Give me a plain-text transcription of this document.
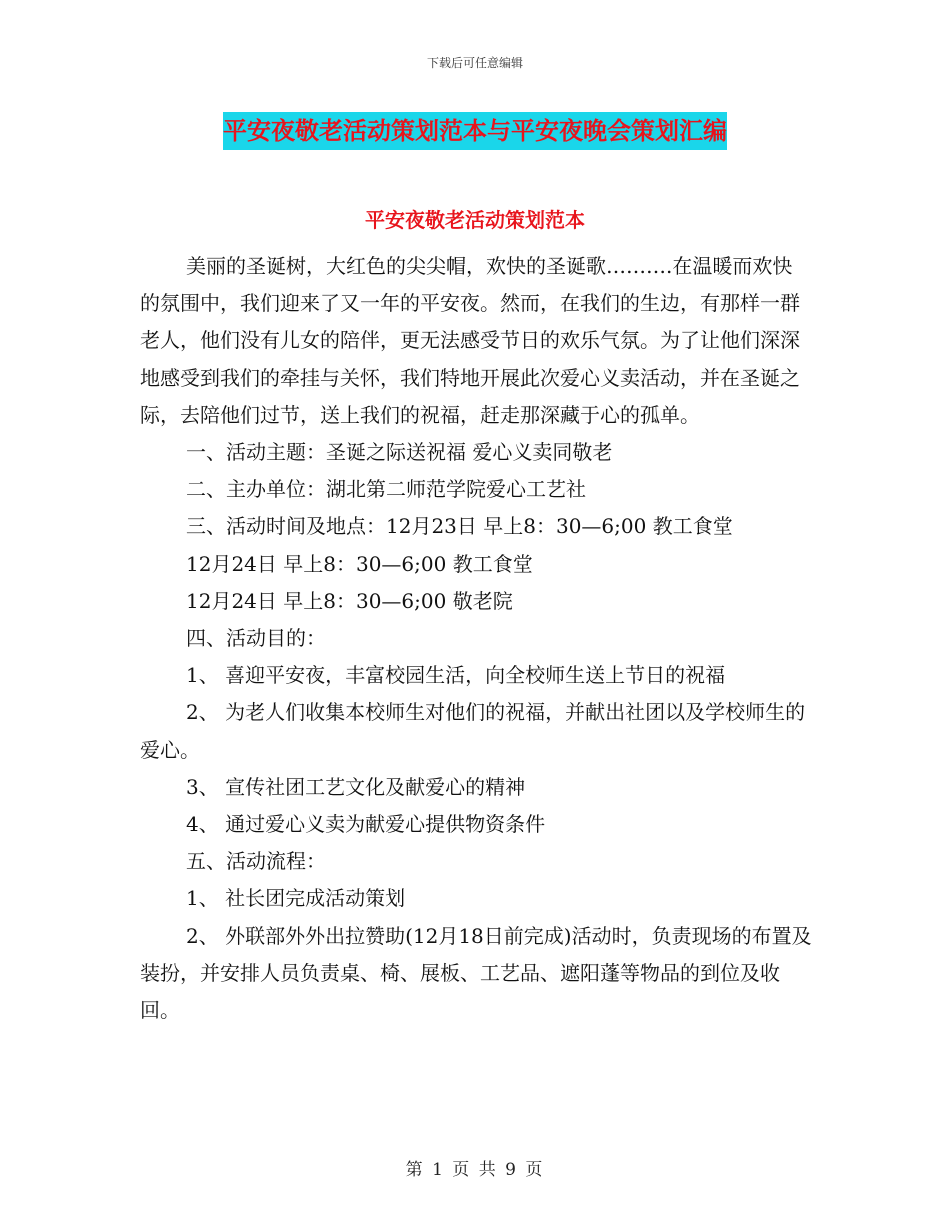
下载后可任意编辑
平安夜敬老活动策划范本与平安夜晚会策划汇编
平安夜敬老活动策划范本

美丽的圣诞树，大红色的尖尖帽，欢快的圣诞歌……….在温暖而欢快的氛围中，我们迎来了又一年的平安夜。然而，在我们的生边，有那样一群老人，他们没有儿女的陪伴，更无法感受节日的欢乐气氛。为了让他们深深地感受到我们的牵挂与关怀，我们特地开展此次爱心义卖活动，并在圣诞之际，去陪他们过节，送上我们的祝福，赶走那深藏于心的孤单。

一、活动主题：圣诞之际送祝福 爱心义卖同敬老

二、主办单位：湖北第二师范学院爱心工艺社

三、活动时间及地点：12月23日 早上8：30—6;00 教工食堂

12月24日 早上8：30—6;00 教工食堂

12月24日 早上8：30—6;00 敬老院

四、活动目的：

1、 喜迎平安夜，丰富校园生活，向全校师生送上节日的祝福

2、 为老人们收集本校师生对他们的祝福，并献出社团以及学校师生的爱心。

3、 宣传社团工艺文化及献爱心的精神

4、 通过爱心义卖为献爱心提供物资条件

五、活动流程：

1、 社长团完成活动策划

2、 外联部外外出拉赞助(12月18日前完成)活动时，负责现场的布置及装扮，并安排人员负责桌、椅、展板、工艺品、遮阳蓬等物品的到位及收回。

第 1 页 共 9 页
